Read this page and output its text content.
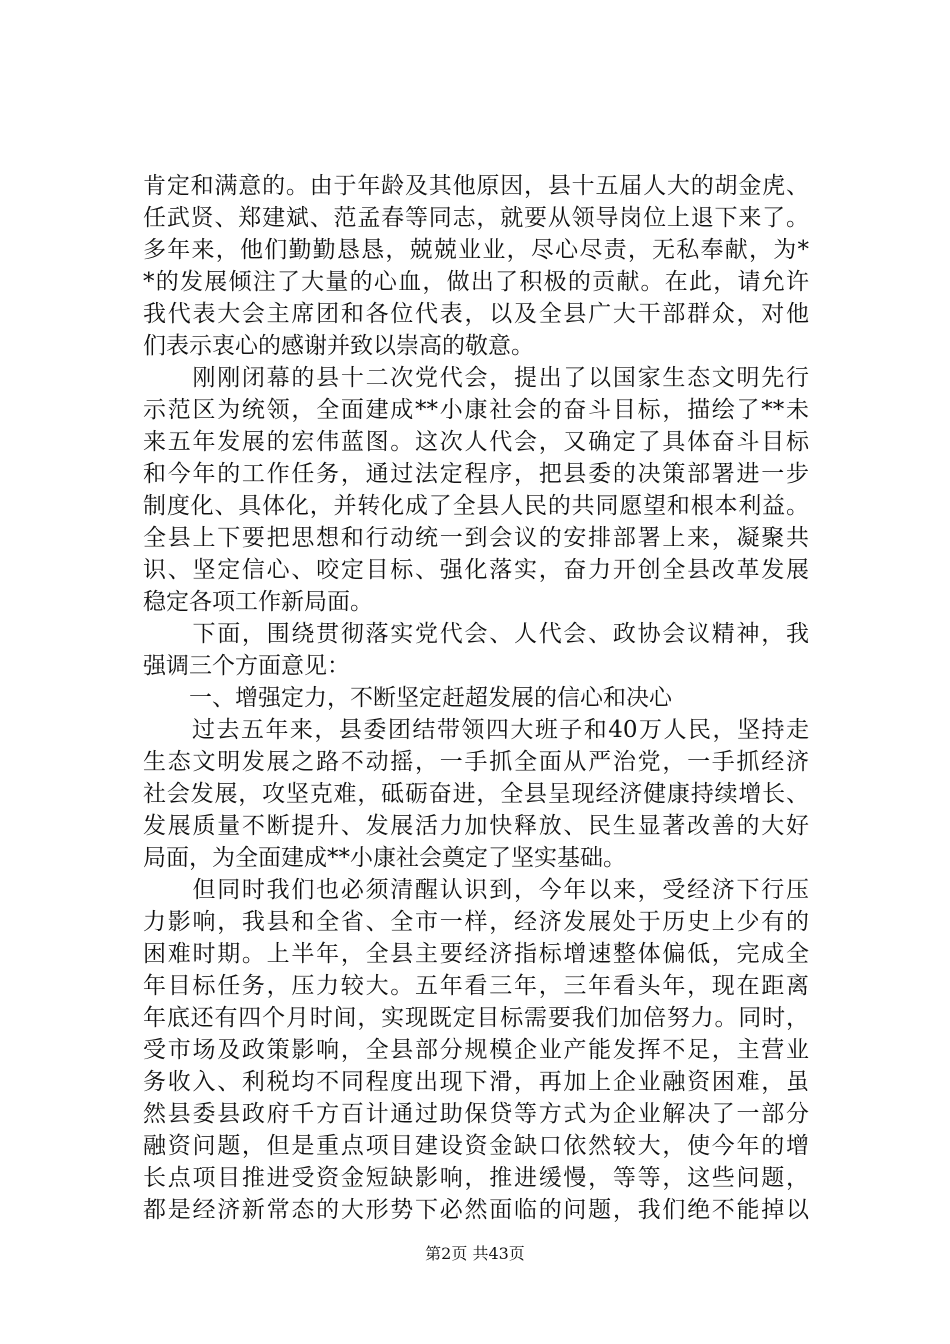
肯定和满意的。由于年龄及其他原因，县十五届人大的胡金虎、
任武贤、郑建斌、范孟春等同志，就要从领导岗位上退下来了。
多年来，他们勤勤恳恳，兢兢业业，尽心尽责，无私奉献，为*
*的发展倾注了大量的心血，做出了积极的贡献。在此，请允许
我代表大会主席团和各位代表，以及全县广大干部群众，对他
们表示衷心的感谢并致以崇高的敬意。
　　刚刚闭幕的县十二次党代会，提出了以国家生态文明先行
示范区为统领，全面建成**小康社会的奋斗目标，描绘了**未
来五年发展的宏伟蓝图。这次人代会，又确定了具体奋斗目标
和今年的工作任务，通过法定程序，把县委的决策部署进一步
制度化、具体化，并转化成了全县人民的共同愿望和根本利益。
全县上下要把思想和行动统一到会议的安排部署上来，凝聚共
识、坚定信心、咬定目标、强化落实，奋力开创全县改革发展
稳定各项工作新局面。
　　下面，围绕贯彻落实党代会、人代会、政协会议精神，我
强调三个方面意见：
　　一、增强定力，不断坚定赶超发展的信心和决心
　　过去五年来，县委团结带领四大班子和40万人民，坚持走
生态文明发展之路不动摇，一手抓全面从严治党，一手抓经济
社会发展，攻坚克难，砥砺奋进，全县呈现经济健康持续增长、
发展质量不断提升、发展活力加快释放、民生显著改善的大好
局面，为全面建成**小康社会奠定了坚实基础。
　　但同时我们也必须清醒认识到，今年以来，受经济下行压
力影响，我县和全省、全市一样，经济发展处于历史上少有的
困难时期。上半年，全县主要经济指标增速整体偏低，完成全
年目标任务，压力较大。五年看三年，三年看头年，现在距离
年底还有四个月时间，实现既定目标需要我们加倍努力。同时，
受市场及政策影响，全县部分规模企业产能发挥不足，主营业
务收入、利税均不同程度出现下滑，再加上企业融资困难，虽
然县委县政府千方百计通过助保贷等方式为企业解决了一部分
融资问题，但是重点项目建设资金缺口依然较大，使今年的增
长点项目推进受资金短缺影响，推进缓慢，等等，这些问题，
都是经济新常态的大形势下必然面临的问题，我们绝不能掉以
第2页 共43页
